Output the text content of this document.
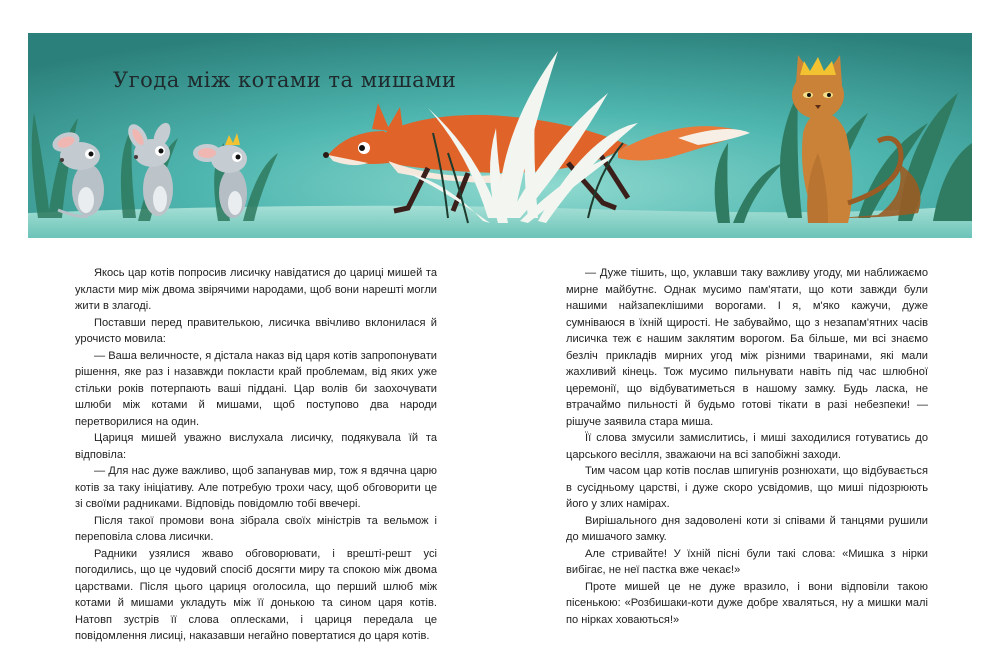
Угода між котами та мишами

Якось цар котів попросив лисичку навідатися до цариці мишей та укласти мир між двома звірячими народами, щоб вони нарешті могли жити в злагоді.

Поставши перед правителькою, лисичка ввічливо вклонилася й урочисто мовила:

— Ваша величносте, я дістала наказ від царя котів запропонувати рішення, яке раз і назавжди покласти край проблемам, від яких уже стільки років потерпають ваші піддані. Цар волів би заохочувати шлюби між котами й мишами, щоб поступово два народи перетворилися на один.

Цариця мишей уважно вислухала лисичку, подякувала їй та відповіла:

— Для нас дуже важливо, щоб запанував мир, тож я вдячна царю котів за таку ініціативу. Але потребую трохи часу, щоб обговорити це зі своїми радниками. Відповідь повідомлю тобі ввечері.

Після такої промови вона зібрала своїх міністрів та вельмож і переповіла слова лисички.

Радники узялися жваво обговорювати, і врешті-решт усі погодились, що це чудовий спосіб досягти миру та спокою між двома царствами. Після цього цариця оголосила, що перший шлюб між котами й мишами укладуть між її донькою та сином царя котів. Натовп зустрів її слова оплесками, і цариця передала це повідомлення лисиці, наказавши негайно повертатися до царя котів.

— Дуже тішить, що, уклавши таку важливу угоду, ми наближаємо мирне майбутнє. Однак мусимо пам'ятати, що коти завжди були нашими найзапеклішими ворогами. І я, м'яко кажучи, дуже сумніваюся в їхній щирості. Не забуваймо, що з незапам'ятних часів лисичка теж є нашим заклятим ворогом. Ба більше, ми всі знаємо безліч прикладів мирних угод між різними тваринами, які мали жахливий кінець. Тож мусимо пильнувати навіть під час шлюбної церемонії, що відбуватиметься в нашому замку. Будь ласка, не втрачаймо пильності й будьмо готові тікати в разі небезпеки! — рішуче заявила стара миша.

Її слова змусили замислитись, і миші заходилися готуватись до царського весілля, зважаючи на всі запобіжні заходи.

Тим часом цар котів послав шпигунів рознюхати, що відбувається в сусідньому царстві, і дуже скоро усвідомив, що миші підозрюють його у злих намірах.

Вирішального дня задоволені коти зі співами й танцями рушили до мишачого замку.

Але стривайте! У їхній пісні були такі слова: «Мишка з нірки вибігає, не неї пастка вже чекає!»

Проте мишей це не дуже вразило, і вони відповіли такою пісенькою: «Розбишаки-коти дуже добре хваляться, ну а мишки малі по нірках ховаються!»
